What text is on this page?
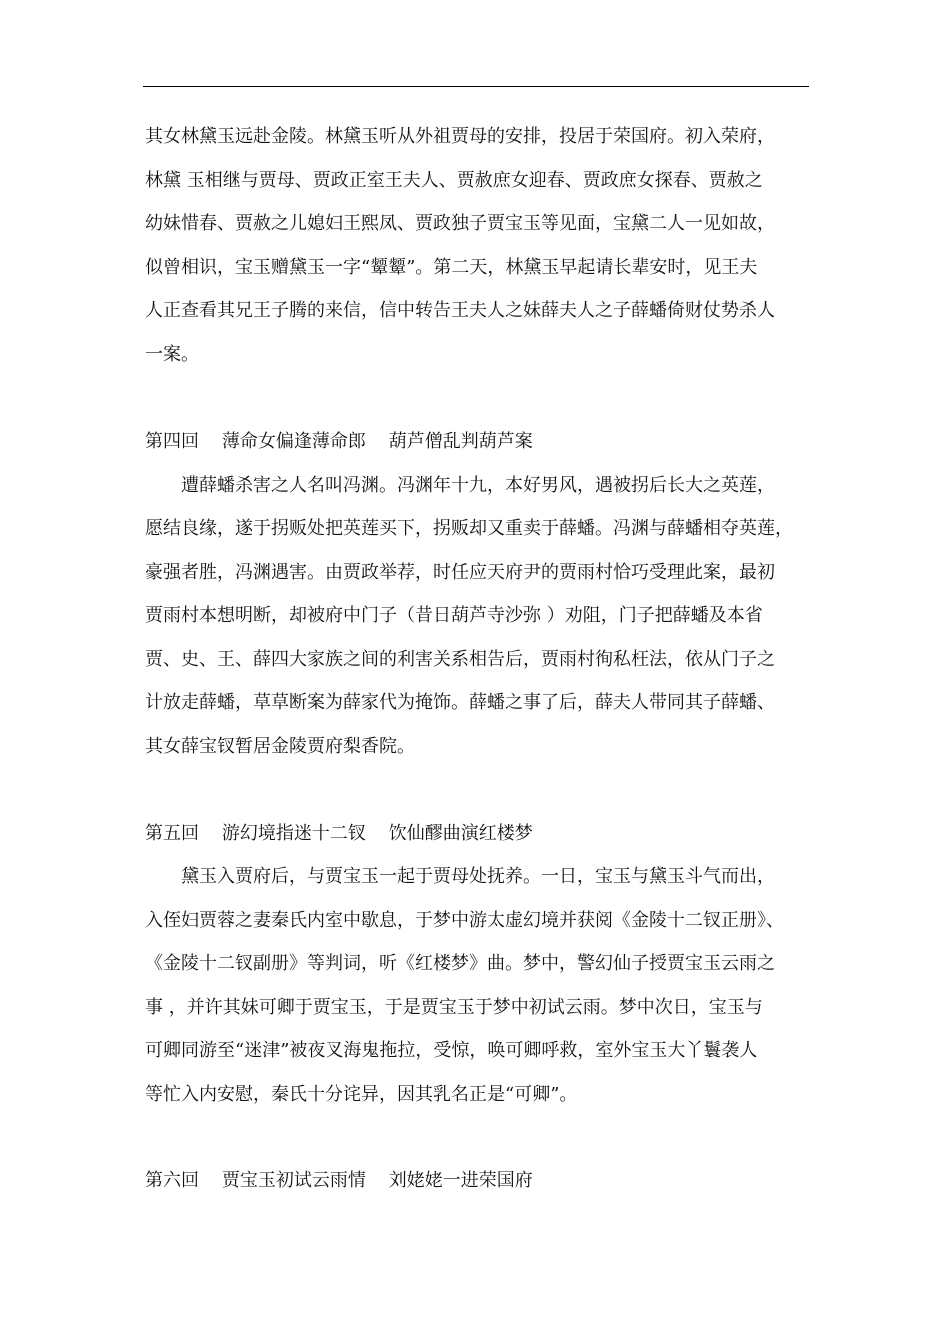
其女林黛玉远赴金陵。林黛玉听从外祖贾母的安排，投居于荣国府。初入荣府，
林黛 玉相继与贾母、贾政正室王夫人、贾赦庶女迎春、贾政庶女探春、贾赦之
幼妹惜春、贾赦之儿媳妇王熙凤、贾政独子贾宝玉等见面，宝黛二人一见如故，
似曾相识，宝玉赠黛玉一字“颦颦”。第二天，林黛玉早起请长辈安时，见王夫
人正查看其兄王子腾的来信，信中转告王夫人之妹薛夫人之子薛蟠倚财仗势杀人
一案。
第四回    薄命女偏逢薄命郎    葫芦僧乱判葫芦案
遭薛蟠杀害之人名叫冯渊。冯渊年十九，本好男风，遇被拐后长大之英莲，
愿结良缘，遂于拐贩处把英莲买下，拐贩却又重卖于薛蟠。冯渊与薛蟠相夺英莲，
豪强者胜，冯渊遇害。由贾政举荐，时任应天府尹的贾雨村恰巧受理此案，最初
贾雨村本想明断，却被府中门子（昔日葫芦寺沙弥 ）劝阻，门子把薛蟠及本省
贾、史、王、薛四大家族之间的利害关系相告后，贾雨村徇私枉法，依从门子之
计放走薛蟠，草草断案为薛家代为掩饰。薛蟠之事了后，薛夫人带同其子薛蟠、
其女薛宝钗暂居金陵贾府梨香院。
第五回    游幻境指迷十二钗    饮仙醪曲演红楼梦
黛玉入贾府后，与贾宝玉一起于贾母处抚养。一日，宝玉与黛玉斗气而出，
入侄妇贾蓉之妻秦氏内室中歇息，于梦中游太虚幻境并获阅《金陵十二钗正册》、
《金陵十二钗副册》等判词，听《红楼梦》曲。梦中，警幻仙子授贾宝玉云雨之
事 ，并许其妹可卿于贾宝玉，于是贾宝玉于梦中初试云雨。梦中次日，宝玉与
可卿同游至“迷津”被夜叉海鬼拖拉，受惊，唤可卿呼救，室外宝玉大丫鬟袭人
等忙入内安慰，秦氏十分诧异，因其乳名正是“可卿”。
第六回    贾宝玉初试云雨情    刘姥姥一进荣国府
